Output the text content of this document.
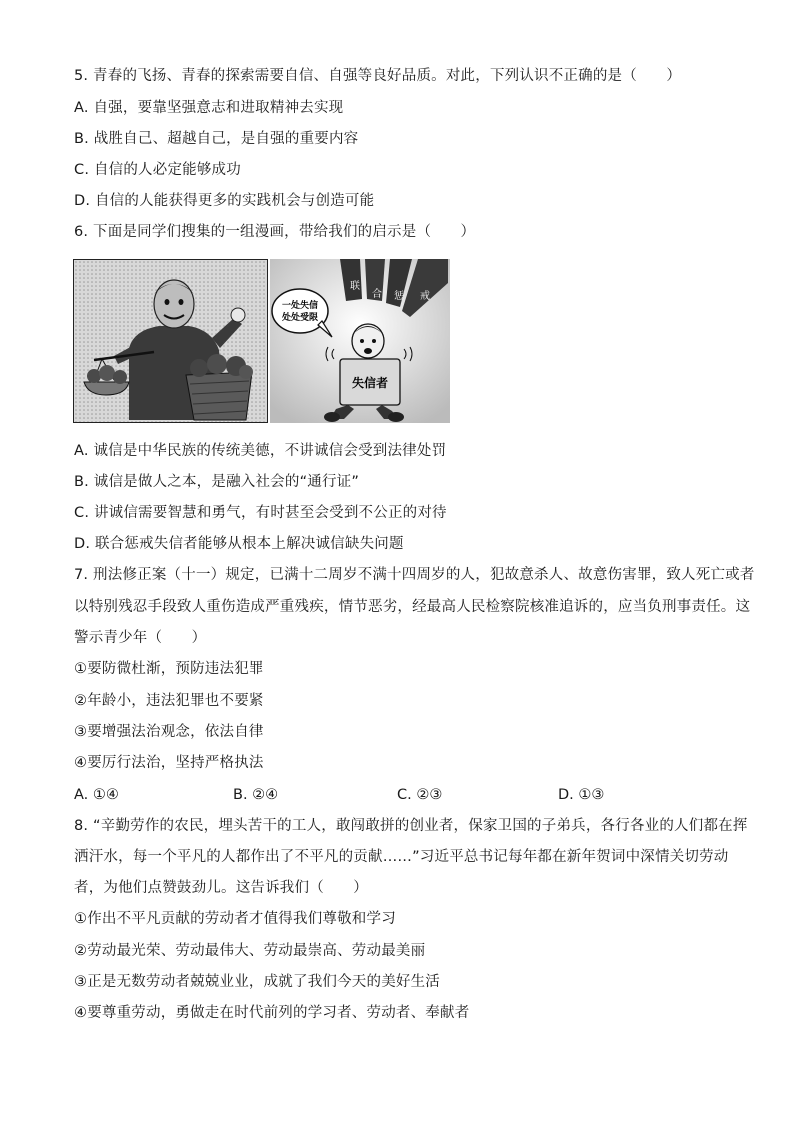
5. 青春的飞扬、青春的探索需要自信、自强等良好品质。对此，下列认识不正确的是（　　）
A. 自强，要靠坚强意志和进取精神去实现
B. 战胜自己、超越自己，是自强的重要内容
C. 自信的人必定能够成功
D. 自信的人能获得更多的实践机会与创造可能
6. 下面是同学们搜集的一组漫画，带给我们的启示是（　　）
联
合 惩 戒
一处失信
处处受限
失信者
A. 诚信是中华民族的传统美德，不讲诚信会受到法律处罚
B. 诚信是做人之本，是融入社会的“通行证”
C. 讲诚信需要智慧和勇气，有时甚至会受到不公正的对待
D. 联合惩戒失信者能够从根本上解决诚信缺失问题
7. 刑法修正案（十一）规定，已满十二周岁不满十四周岁的人，犯故意杀人、故意伤害罪，致人死亡或者
以特别残忍手段致人重伤造成严重残疾，情节恶劣，经最高人民检察院核准追诉的，应当负刑事责任。这
警示青少年（　　）
①要防微杜渐，预防违法犯罪
②年龄小，违法犯罪也不要紧
③要增强法治观念，依法自律
④要厉行法治，坚持严格执法
A. ①④	B. ②④	C. ②③	D. ①③
8. “辛勤劳作的农民，埋头苦干的工人，敢闯敢拼的创业者，保家卫国的子弟兵，各行各业的人们都在挥
洒汗水，每一个平凡的人都作出了不平凡的贡献……”习近平总书记每年都在新年贺词中深情关切劳动
者，为他们点赞鼓劲儿。这告诉我们（　　）
①作出不平凡贡献的劳动者才值得我们尊敬和学习
②劳动最光荣、劳动最伟大、劳动最崇高、劳动最美丽
③正是无数劳动者兢兢业业，成就了我们今天的美好生活
④要尊重劳动，勇做走在时代前列的学习者、劳动者、奉献者
